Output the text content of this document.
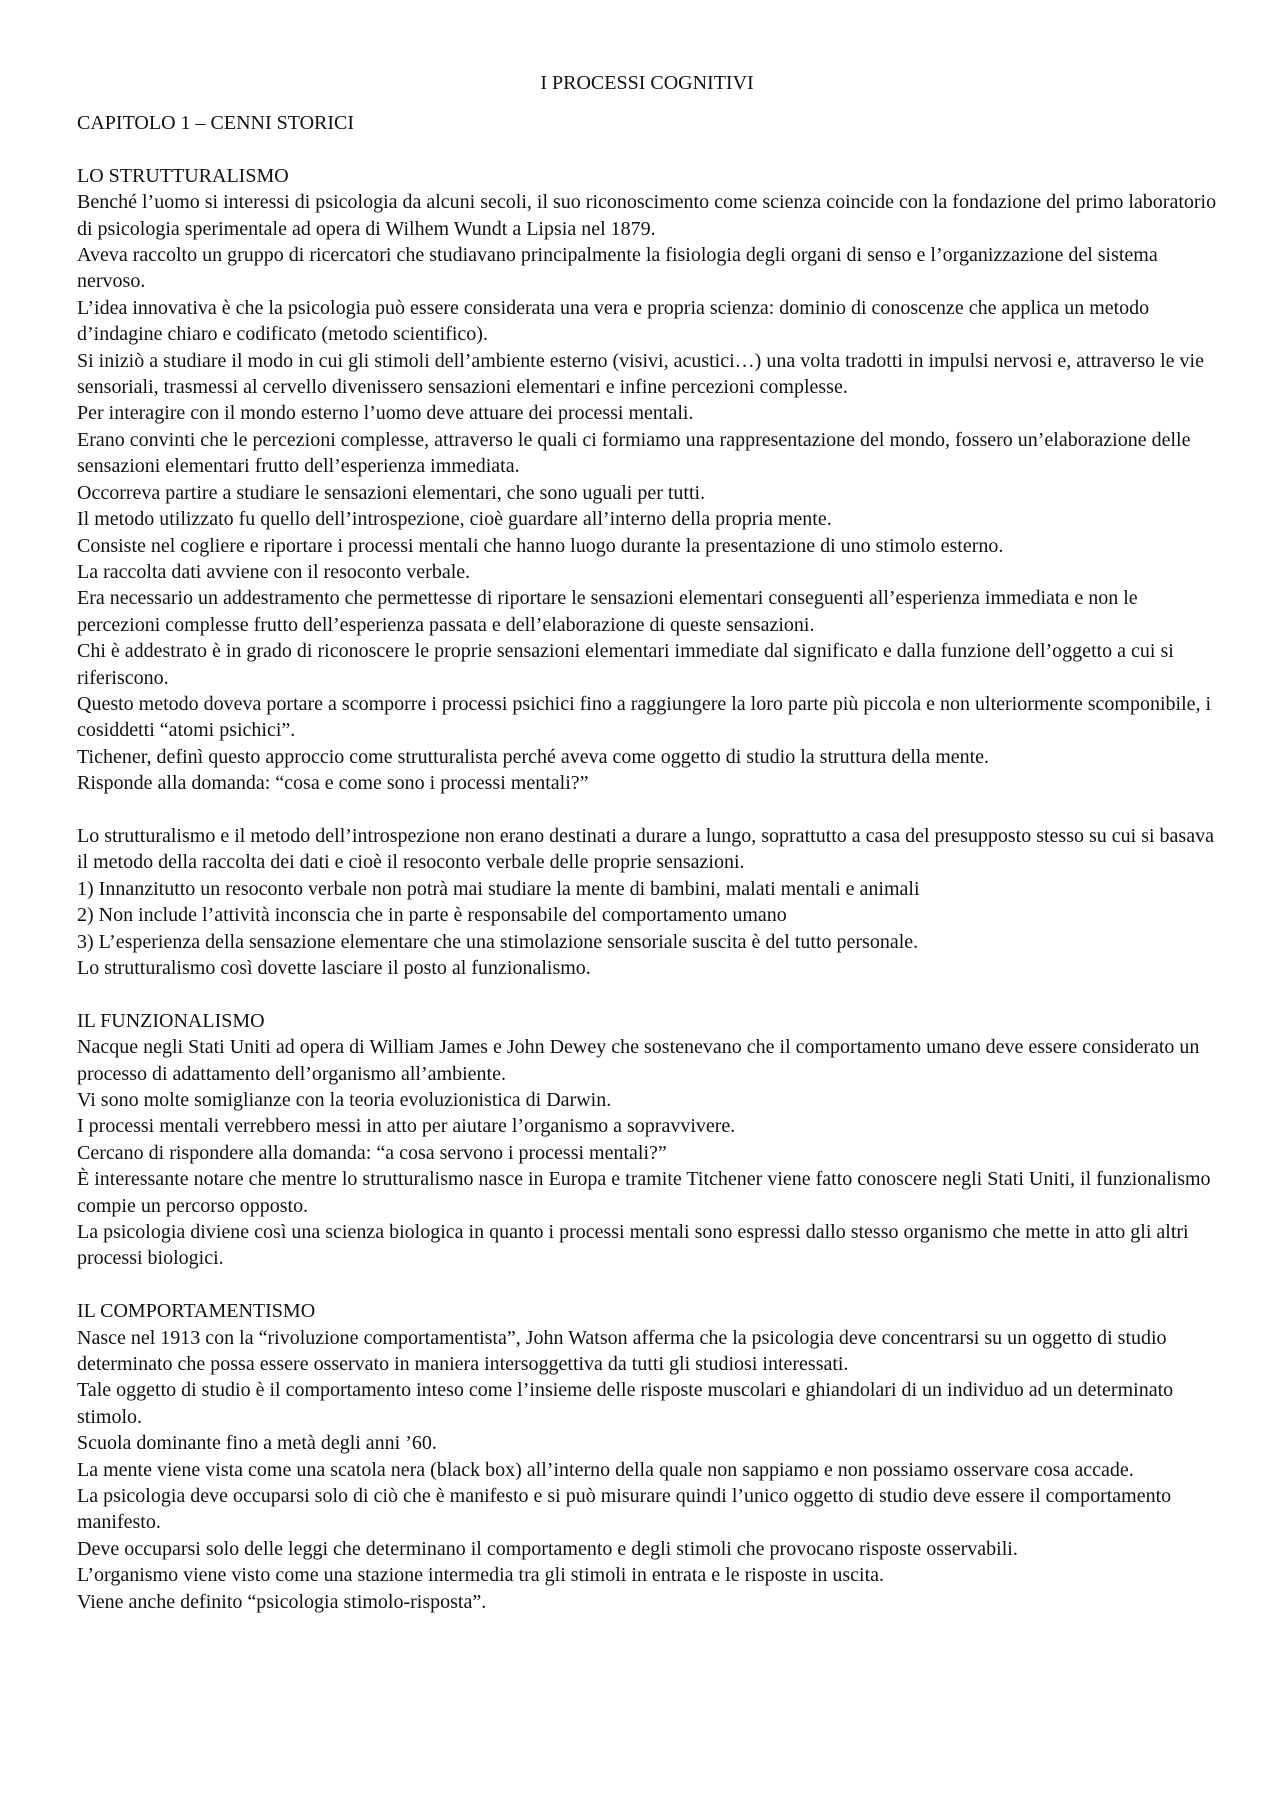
I PROCESSI COGNITIVI
CAPITOLO 1 – CENNI STORICI
LO STRUTTURALISMO

Benché l’uomo si interessi di psicologia da alcuni secoli, il suo riconoscimento come scienza coincide con la fondazione del primo laboratorio di psicologia sperimentale ad opera di Wilhem Wundt a Lipsia nel 1879.

Aveva raccolto un gruppo di ricercatori che studiavano principalmente la fisiologia degli organi di senso e l’organizzazione del sistema nervoso.

L’idea innovativa è che la psicologia può essere considerata una vera e propria scienza: dominio di conoscenze che applica un metodo d’indagine chiaro e codificato (metodo scientifico).

Si iniziò a studiare il modo in cui gli stimoli dell’ambiente esterno (visivi, acustici…) una volta tradotti in impulsi nervosi e, attraverso le vie sensoriali, trasmessi al cervello divenissero sensazioni elementari e infine percezioni complesse.

Per interagire con il mondo esterno l’uomo deve attuare dei processi mentali.

Erano convinti che le percezioni complesse, attraverso le quali ci formiamo una rappresentazione del mondo, fossero un’elaborazione delle sensazioni elementari frutto dell’esperienza immediata.

Occorreva partire a studiare le sensazioni elementari, che sono uguali per tutti.

Il metodo utilizzato fu quello dell’introspezione, cioè guardare all’interno della propria mente.

Consiste nel cogliere e riportare i processi mentali che hanno luogo durante la presentazione di uno stimolo esterno.

La raccolta dati avviene con il resoconto verbale.

Era necessario un addestramento che permettesse di riportare le sensazioni elementari conseguenti all’esperienza immediata e non le percezioni complesse frutto dell’esperienza passata e dell’elaborazione di queste sensazioni.

Chi è addestrato è in grado di riconoscere le proprie sensazioni elementari immediate dal significato e dalla funzione dell’oggetto a cui si riferiscono.

Questo metodo doveva portare a scomporre i processi psichici fino a raggiungere la loro parte più piccola e non ulteriormente scomponibile, i cosiddetti “atomi psichici”.

Tichener, definì questo approccio come strutturalista perché aveva come oggetto di studio la struttura della mente.

Risponde alla domanda: “cosa e come sono i processi mentali?”

Lo strutturalismo e il metodo dell’introspezione non erano destinati a durare a lungo, soprattutto a casa del presupposto stesso su cui si basava il metodo della raccolta dei dati e cioè il resoconto verbale delle proprie sensazioni.

1) Innanzitutto un resoconto verbale non potrà mai studiare la mente di bambini, malati mentali e animali

2) Non include l’attività inconscia che in parte è responsabile del comportamento umano

3) L’esperienza della sensazione elementare che una stimolazione sensoriale suscita è del tutto personale.

Lo strutturalismo così dovette lasciare il posto al funzionalismo.

IL FUNZIONALISMO

Nacque negli Stati Uniti ad opera di William James e John Dewey che sostenevano che il comportamento umano deve essere considerato un processo di adattamento dell’organismo all’ambiente.

Vi sono molte somiglianze con la teoria evoluzionistica di Darwin.

I processi mentali verrebbero messi in atto per aiutare l’organismo a sopravvivere.

Cercano di rispondere alla domanda: “a cosa servono i processi mentali?”

È interessante notare che mentre lo strutturalismo nasce in Europa e tramite Titchener viene fatto conoscere negli Stati Uniti, il funzionalismo compie un percorso opposto.

La psicologia diviene così una scienza biologica in quanto i processi mentali sono espressi dallo stesso organismo che mette in atto gli altri processi biologici.

IL COMPORTAMENTISMO

Nasce nel 1913 con la “rivoluzione comportamentista”, John Watson afferma che la psicologia deve concentrarsi su un oggetto di studio determinato che possa essere osservato in maniera intersoggettiva da tutti gli studiosi interessati.

Tale oggetto di studio è il comportamento inteso come l’insieme delle risposte muscolari e ghiandolari di un individuo ad un determinato stimolo.

Scuola dominante fino a metà degli anni ’60.

La mente viene vista come una scatola nera (black box) all’interno della quale non sappiamo e non possiamo osservare cosa accade.

La psicologia deve occuparsi solo di ciò che è manifesto e si può misurare quindi l’unico oggetto di studio deve essere il comportamento manifesto.

Deve occuparsi solo delle leggi che determinano il comportamento e degli stimoli che provocano risposte osservabili.

L’organismo viene visto come una stazione intermedia tra gli stimoli in entrata e le risposte in uscita.

Viene anche definito “psicologia stimolo-risposta”.
